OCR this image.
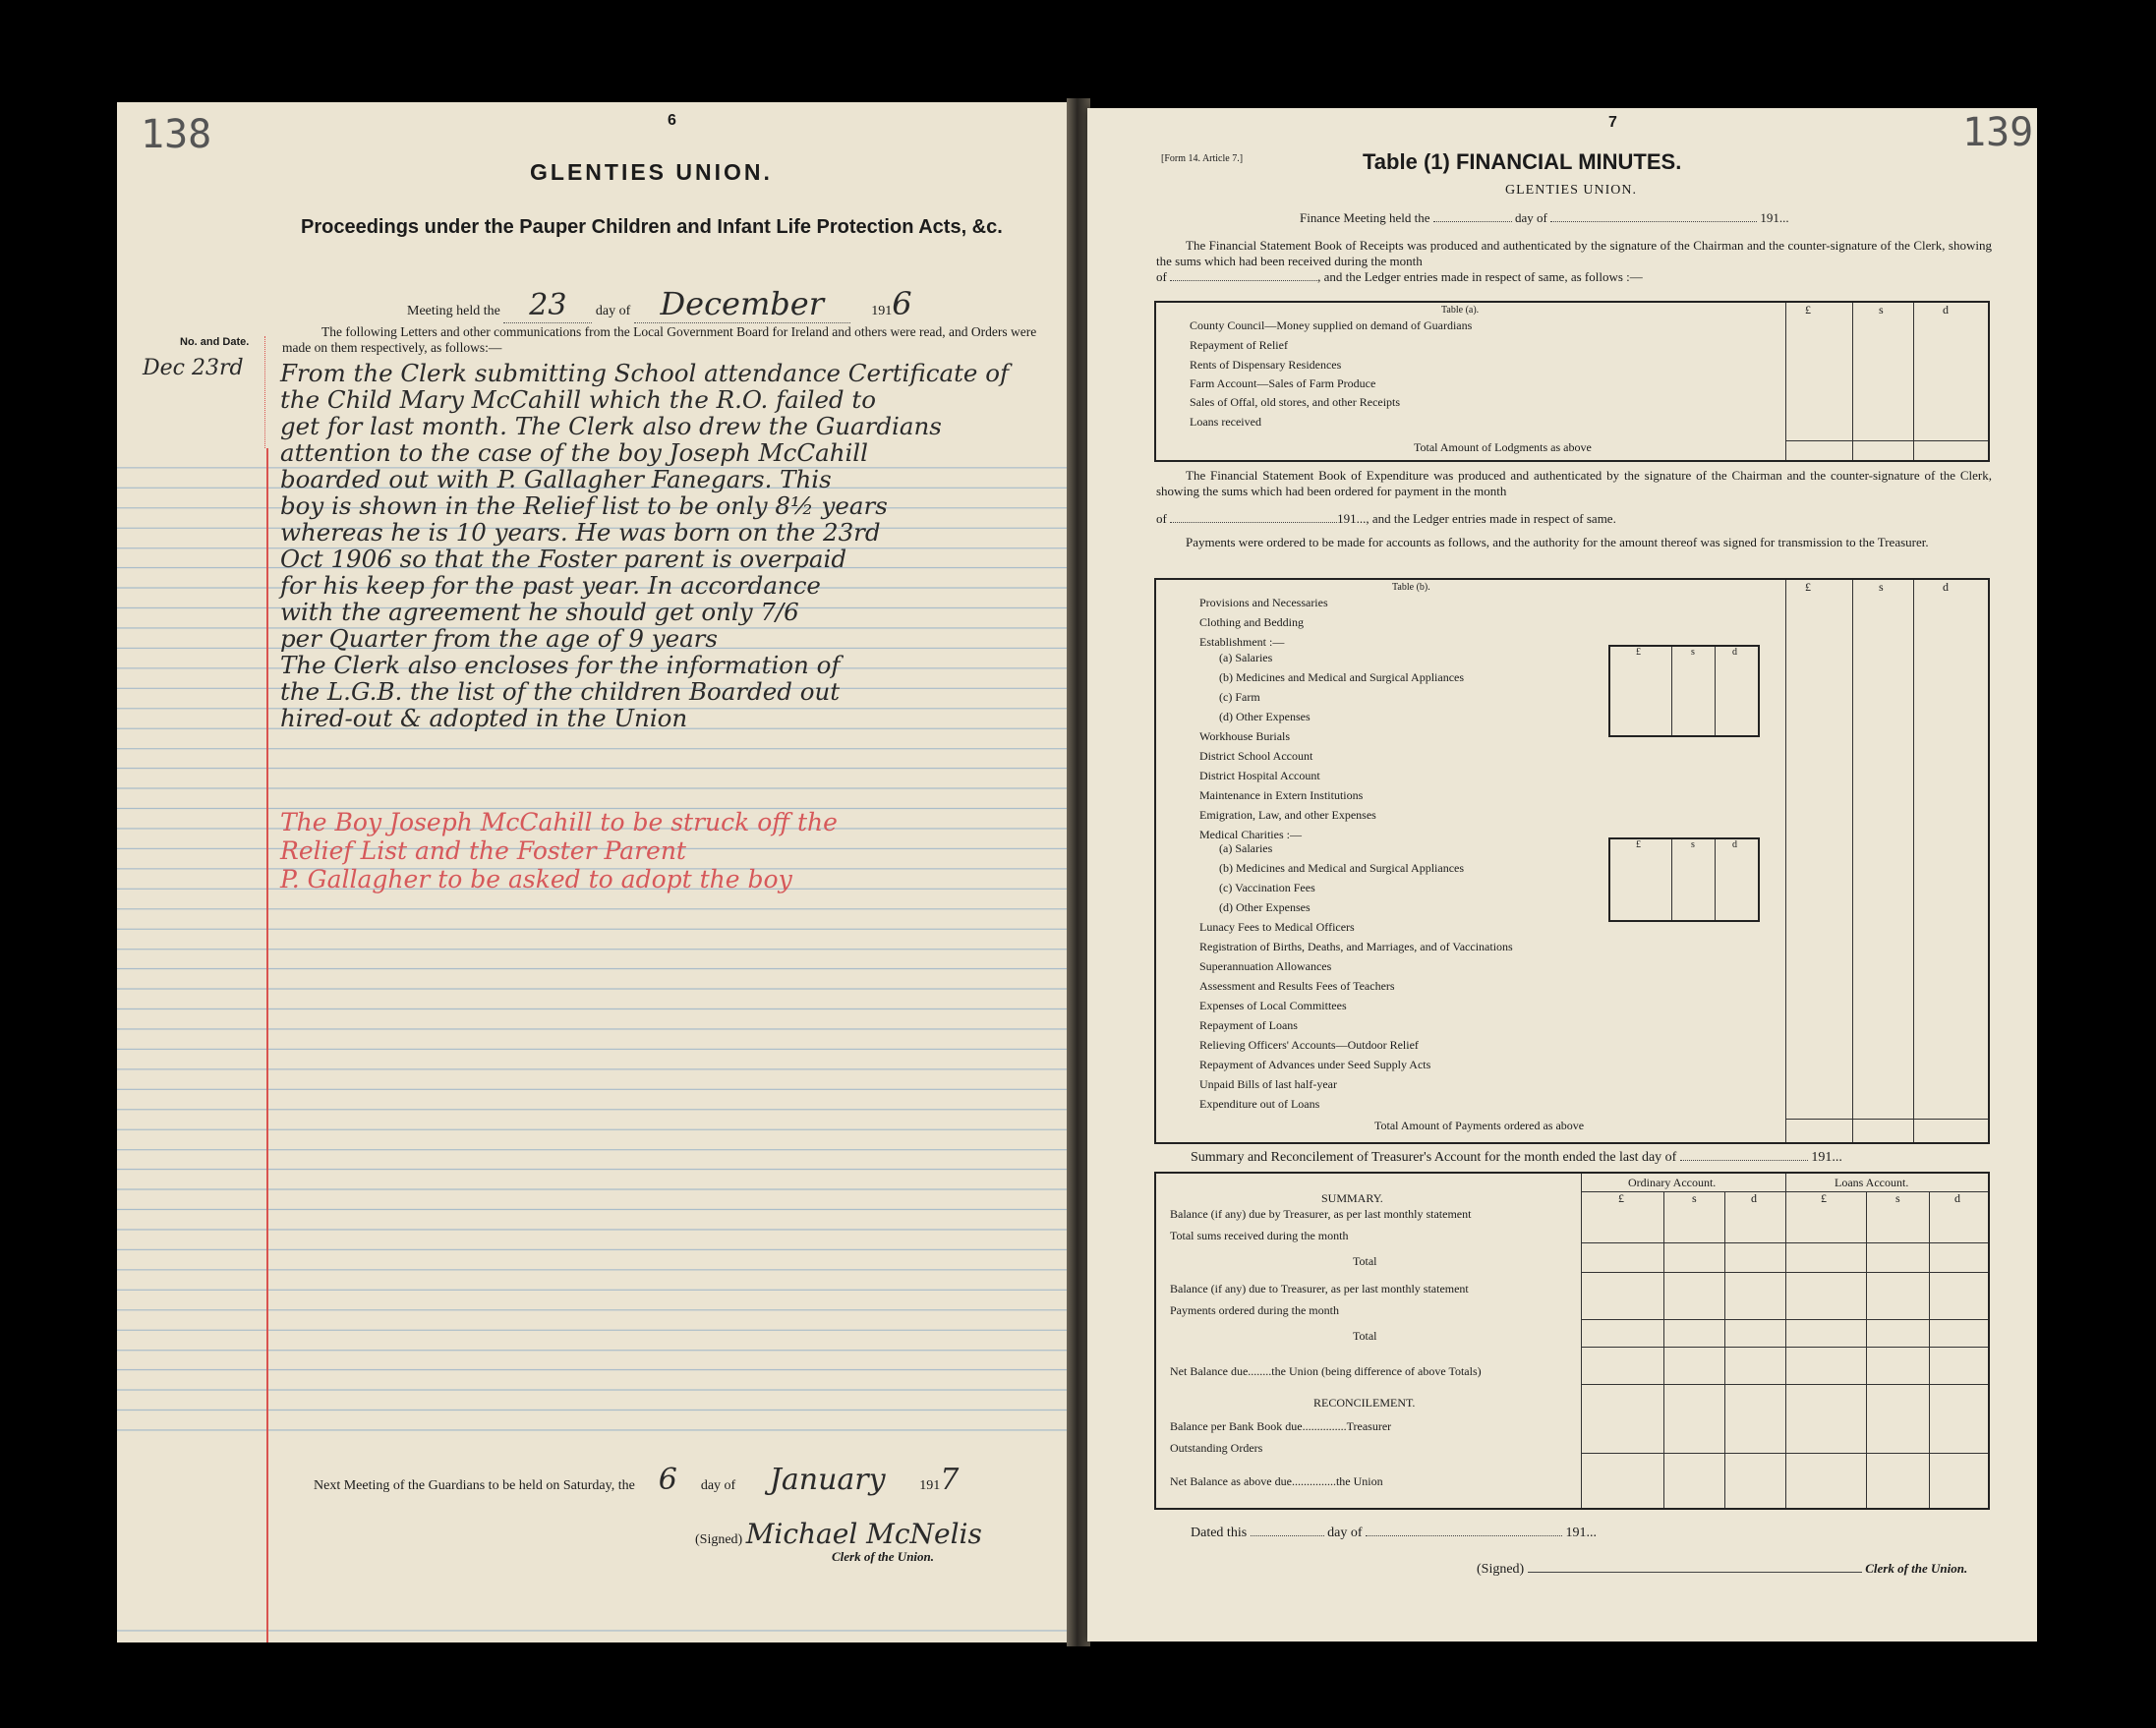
138	6
GLENTIES UNION.
Proceedings under the Pauper Children and Infant Life Protection Acts, &c.
Meeting held the 23 day of December	1916
The following Letters and other communications from the Local Government Board for Ireland and others were read, and Orders were made on them respectively, as follows:—
No. and Date.
Dec 23rd From the Clerk submitting School attendance Certificate of
the Child Mary McCahill which the R.O. failed to
get for last month. The Clerk also drew the Guardians
attention to the case of the boy Joseph McCahill
boarded out with P. Gallagher Fanegars. This
boy is shown in the Relief list to be only 8½ years
whereas he is 10 years. He was born on the 23rd
Oct 1906 so that the Foster parent is overpaid
for his keep for the past year. In accordance
with the agreement he should get only 7/6
per Quarter from the age of 9 years
The Clerk also encloses for the information of
the L.G.B. the list of the children Boarded out
hired-out & adopted in the Union
The Boy Joseph McCahill to be struck off the
Relief List and the Foster Parent
P. Gallagher to be asked to adopt the boy
Next Meeting of the Guardians to be held on Saturday, the 6 day of January 1917
(Signed) Michael McNelis
Clerk of the Union.
139
7
[Form 14. Article 7.]	Table (1) FINANCIAL MINUTES.
GLENTIES UNION.
Finance Meeting held the	day of	191...
The Financial Statement Book of Receipts was produced and authenticated by the signature of the Chairman and the counter-signature of the Clerk, showing the sums which had been received during the month
of	, and the Ledger entries made in respect of same, as follows :—
Table (a).	£	s	d
County Council—Money supplied on demand of Guardians
Repayment of Relief
Rents of Dispensary Residences
Farm Account—Sales of Farm Produce
Sales of Offal, old stores, and other Receipts
Loans received
Total Amount of Lodgments as above
The Financial Statement Book of Expenditure was produced and authenticated by the signature of the Chairman and the counter-signature of the Clerk, showing the sums which had been ordered for payment in the month
of	191..., and the Ledger entries made in respect of same.
Payments were ordered to be made for accounts as follows, and the authority for the amount thereof was signed for transmission to the Treasurer.
Table (b).	£	s	d
Provisions and Necessaries
Clothing and Bedding
Establishment :—
(a) Salaries
(b) Medicines and Medical and Surgical Appliances
(c) Farm
(d) Other Expenses
Workhouse Burials
District School Account
District Hospital Account
Maintenance in Extern Institutions
Emigration, Law, and other Expenses
Medical Charities :—
(a) Salaries
(b) Medicines and Medical and Surgical Appliances
(c) Vaccination Fees
(d) Other Expenses
Lunacy Fees to Medical Officers
Registration of Births, Deaths, and Marriages, and of Vaccinations
Superannuation Allowances
Assessment and Results Fees of Teachers
Expenses of Local Committees
Repayment of Loans
Relieving Officers' Accounts—Outdoor Relief
Repayment of Advances under Seed Supply Acts
Unpaid Bills of last half-year
Expenditure out of Loans
£	s	d
£	s	d
Total Amount of Payments ordered as above
Summary and Reconcilement of Treasurer's Account for the month ended the last day of	191...
Ordinary Account.	Loans Account.
£	s	d	£	s	d
SUMMARY.
Balance (if any) due by Treasurer, as per last monthly statement
Total sums received during the month
Total
Balance (if any) due to Treasurer, as per last monthly statement
Payments ordered during the month
Total
Net Balance due........the Union (being difference of above Totals)
RECONCILEMENT.
Balance per Bank Book due...............Treasurer
Outstanding Orders
Net Balance as above due...............the Union
Dated this	day of	191...
(Signed)	Clerk of the Union.
